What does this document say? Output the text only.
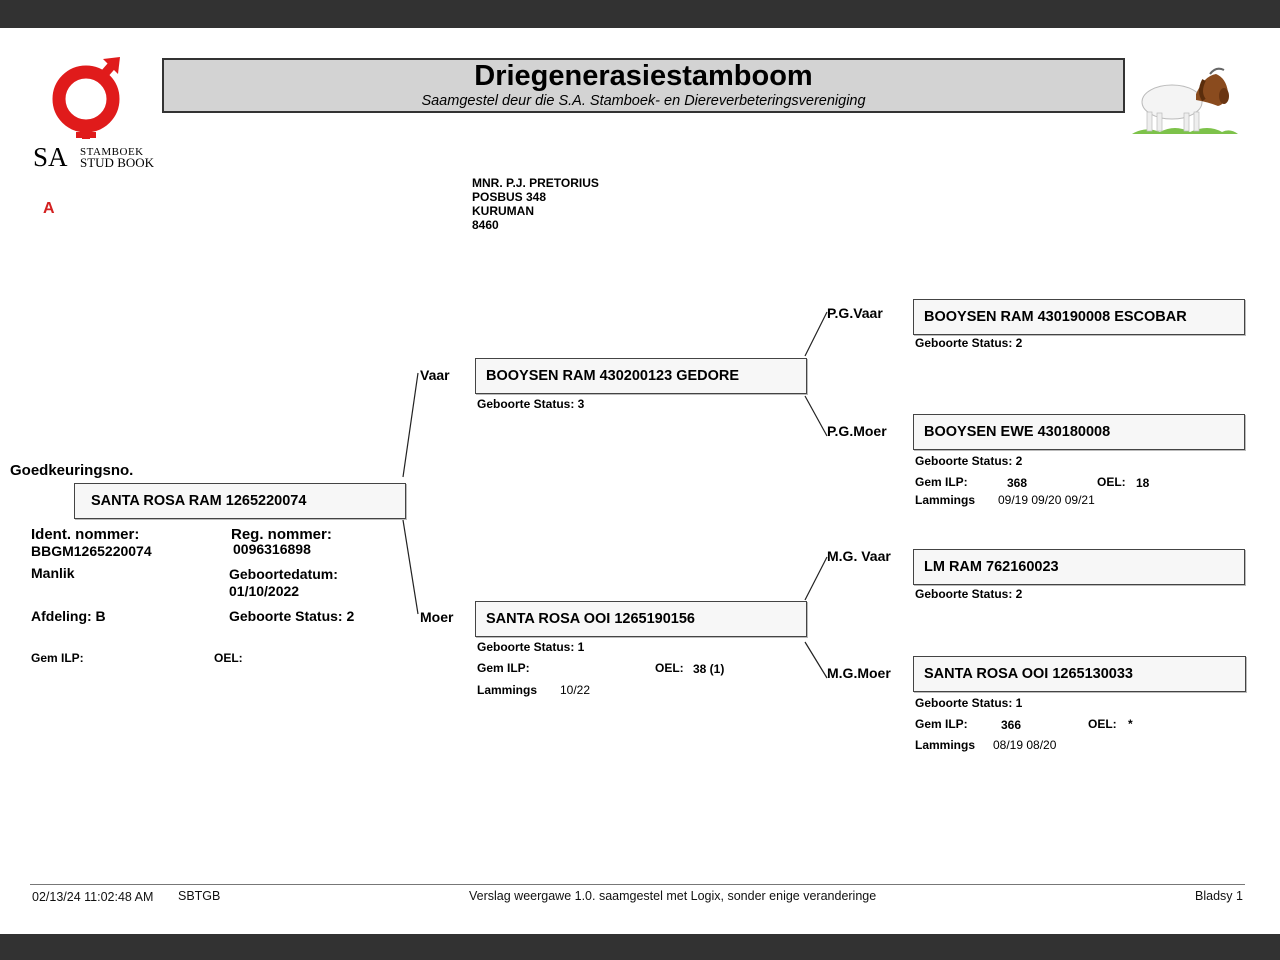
SA STAMBOEK
STUD BOOK
A
Driegenerasiestamboom
Saamgestel deur die S.A. Stamboek- en Diereverbeteringsvereniging
MNR. P.J. PRETORIUS
POSBUS 348
KURUMAN
8460
Goedkeuringsno.
SANTA ROSA RAM 1265220074
Ident. nommer:
BBGM1265220074
Reg. nommer:
0096316898
Manlik	Geboortedatum:
01/10/2022
Afdeling: B	Geboorte Status: 2
Gem ILP:	OEL:
Vaar
Moer
P.G.Vaar
P.G.Moer
M.G. Vaar
M.G.Moer
BOOYSEN RAM 430200123 GEDORE
Geboorte Status: 3
SANTA ROSA OOI 1265190156
Geboorte Status: 1
Gem ILP:	OEL: 38 (1)
Lammings 10/22
BOOYSEN RAM 430190008 ESCOBAR
Geboorte Status: 2
BOOYSEN EWE 430180008
Geboorte Status: 2
Gem ILP:	368	OEL: 18
Lammings 09/19 09/20 09/21
LM RAM 762160023
Geboorte Status: 2
SANTA ROSA OOI 1265130033
Geboorte Status: 1
Gem ILP:	366	OEL: *
Lammings 08/19 08/20
02/13/24 11:02:48 AM SBTGB	Verslag weergawe 1.0. saamgestel met Logix, sonder enige veranderinge	Bladsy 1
